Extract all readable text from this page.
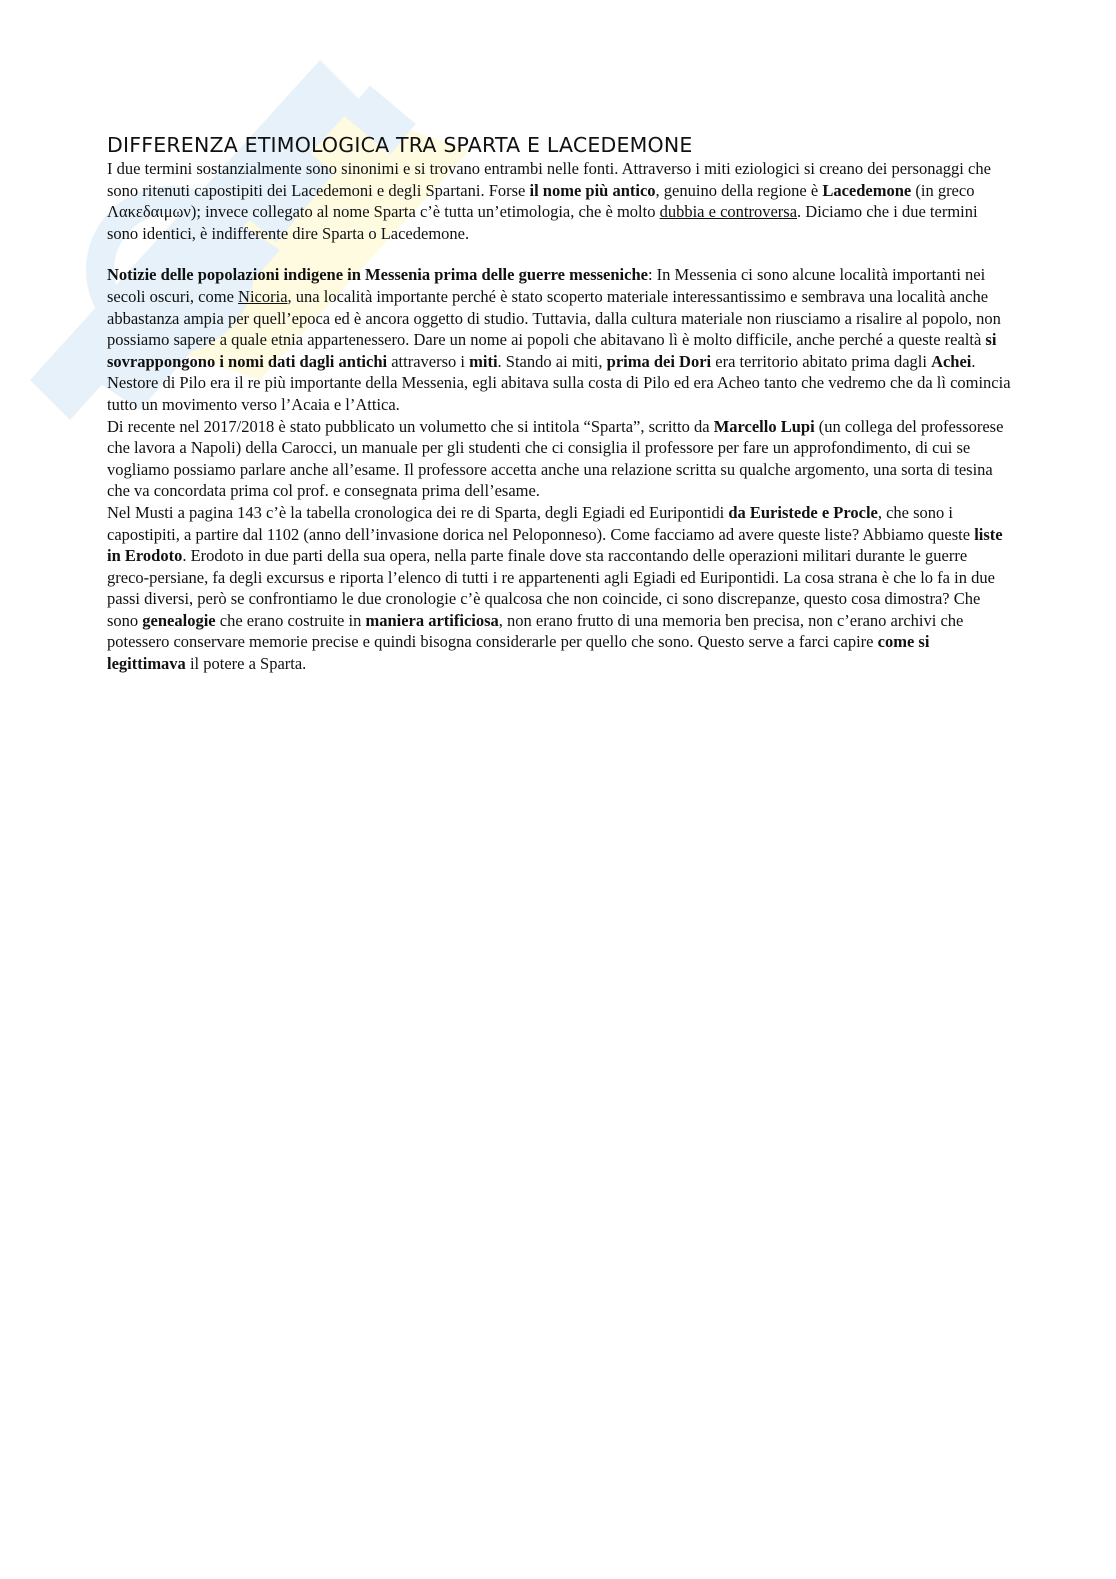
DIFFERENZA ETIMOLOGICA TRA SPARTA E LACEDEMONE

I due termini sostanzialmente sono sinonimi e si trovano entrambi nelle fonti. Attraverso i miti eziologici si creano dei personaggi che sono ritenuti capostipiti dei Lacedemoni e degli Spartani. Forse il nome più antico, genuino della regione è Lacedemone (in greco Λακεδαιμων); invece collegato al nome Sparta c’è tutta un’etimologia, che è molto dubbia e controversa. Diciamo che i due termini sono identici, è indifferente dire Sparta o Lacedemone.

Notizie delle popolazioni indigene in Messenia prima delle guerre messeniche: In Messenia ci sono alcune località importanti nei secoli oscuri, come Nicoria, una località importante perché è stato scoperto materiale interessantissimo e sembrava una località anche abbastanza ampia per quell’epoca ed è ancora oggetto di studio. Tuttavia, dalla cultura materiale non riusciamo a risalire al popolo, non possiamo sapere a quale etnia appartenessero. Dare un nome ai popoli che abitavano lì è molto difficile, anche perché a queste realtà si sovrappongono i nomi dati dagli antichi attraverso i miti. Stando ai miti, prima dei Dori era territorio abitato prima dagli Achei. Nestore di Pilo era il re più importante della Messenia, egli abitava sulla costa di Pilo ed era Acheo tanto che vedremo che da lì comincia tutto un movimento verso l’Acaia e l’Attica.

Di recente nel 2017/2018 è stato pubblicato un volumetto che si intitola “Sparta”, scritto da Marcello Lupi (un collega del professorese che lavora a Napoli) della Carocci, un manuale per gli studenti che ci consiglia il professore per fare un approfondimento, di cui se vogliamo possiamo parlare anche all’esame. Il professore accetta anche una relazione scritta su qualche argomento, una sorta di tesina che va concordata prima col prof. e consegnata prima dell’esame.

Nel Musti a pagina 143 c’è la tabella cronologica dei re di Sparta, degli Egiadi ed Euripontidi da Euristede e Procle, che sono i capostipiti, a partire dal 1102 (anno dell’invasione dorica nel Peloponneso). Come facciamo ad avere queste liste? Abbiamo queste liste in Erodoto. Erodoto in due parti della sua opera, nella parte finale dove sta raccontando delle operazioni militari durante le guerre greco-persiane, fa degli excursus e riporta l’elenco di tutti i re appartenenti agli Egiadi ed Euripontidi. La cosa strana è che lo fa in due passi diversi, però se confrontiamo le due cronologie c’è qualcosa che non coincide, ci sono discrepanze, questo cosa dimostra? Che sono genealogie che erano costruite in maniera artificiosa, non erano frutto di una memoria ben precisa, non c’erano archivi che potessero conservare memorie precise e quindi bisogna considerarle per quello che sono. Questo serve a farci capire come si legittimava il potere a Sparta.
